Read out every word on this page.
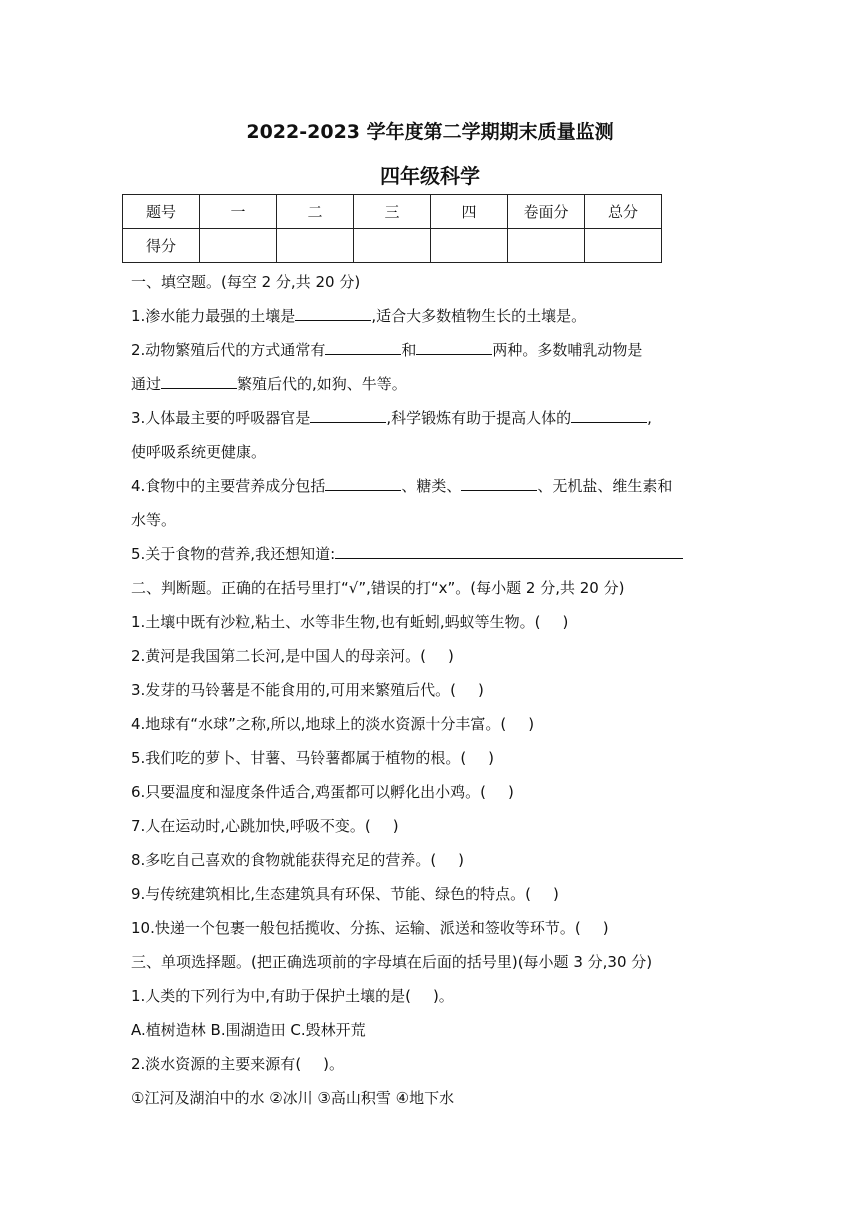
2022-2023 学年度第二学期期末质量监测
四年级科学
题号	一	二	三	四	卷面分	总分
得分						
一、填空题。(每空 2 分,共 20 分)
1.渗水能力最强的土壤是	,适合大多数植物生长的土壤是。
2.动物繁殖后代的方式通常有	和	两种。多数哺乳动物是
通过	繁殖后代的,如狗、牛等。
3.人体最主要的呼吸器官是	,科学锻炼有助于提高人体的	,
使呼吸系统更健康。
4.食物中的主要营养成分包括	、糖类、	、无机盐、维生素和
水等。
5.关于食物的营养,我还想知道:
二、判断题。正确的在括号里打“√”,错误的打“x”。(每小题 2 分,共 20 分)
1.土壤中既有沙粒,粘土、水等非生物,也有蚯蚓,蚂蚁等生物。( )
2.黄河是我国第二长河,是中国人的母亲河。( )
3.发芽的马铃薯是不能食用的,可用来繁殖后代。( )
4.地球有“水球”之称,所以,地球上的淡水资源十分丰富。( )
5.我们吃的萝卜、甘薯、马铃薯都属于植物的根。( )
6.只要温度和湿度条件适合,鸡蛋都可以孵化出小鸡。( )
7.人在运动时,心跳加快,呼吸不变。( )
8.多吃自己喜欢的食物就能获得充足的营养。( )
9.与传统建筑相比,生态建筑具有环保、节能、绿色的特点。( )
10.快递一个包裹一般包括揽收、分拣、运输、派送和签收等环节。( )
三、单项选择题。(把正确选项前的字母填在后面的括号里)(每小题 3 分,30 分)
1.人类的下列行为中,有助于保护土壤的是( )。
A.植树造林 B.围湖造田 C.毁林开荒
2.淡水资源的主要来源有( )。
①江河及湖泊中的水 ②冰川 ③高山积雪 ④地下水
